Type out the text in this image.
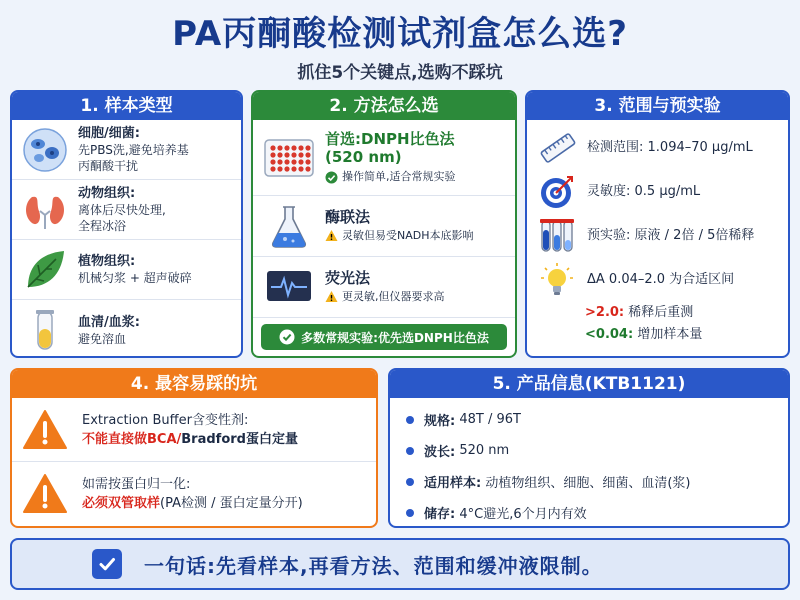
PA丙酮酸检测试剂盒怎么选?
抓住5个关键点,选购不踩坑
1. 样本类型
细胞/细菌:
先PBS洗,避免培养基
丙酮酸干扰
动物组织:
离体后尽快处理,
全程冰浴
植物组织:
机械匀浆 + 超声破碎
血清/血浆:
避免溶血
2. 方法怎么选
首选:DNPH比色法
(520 nm)
操作简单,适合常规实验
酶联法
灵敏但易受NADH本底影响
荧光法
更灵敏,但仪器要求高
多数常规实验:优先选DNPH比色法
3. 范围与预实验
检测范围: 1.094–70 μg/mL
灵敏度: 0.5 μg/mL
预实验: 原液 / 2倍 / 5倍稀释
ΔA 0.04–2.0 为合适区间
>2.0: 稀释后重测
<0.04: 增加样本量
4. 最容易踩的坑
Extraction Buffer含变性剂:
不能直接做BCA/Bradford蛋白定量
如需按蛋白归一化:
必须双管取样(PA检测 / 蛋白定量分开)
5. 产品信息(KTB1121)
规格:
48T / 96T
波长:
520 nm
适用样本:
动植物组织、细胞、细菌、血清(浆)
储存:
4°C避光,6个月内有效
一句话:先看样本,再看方法、范围和缓冲液限制。
